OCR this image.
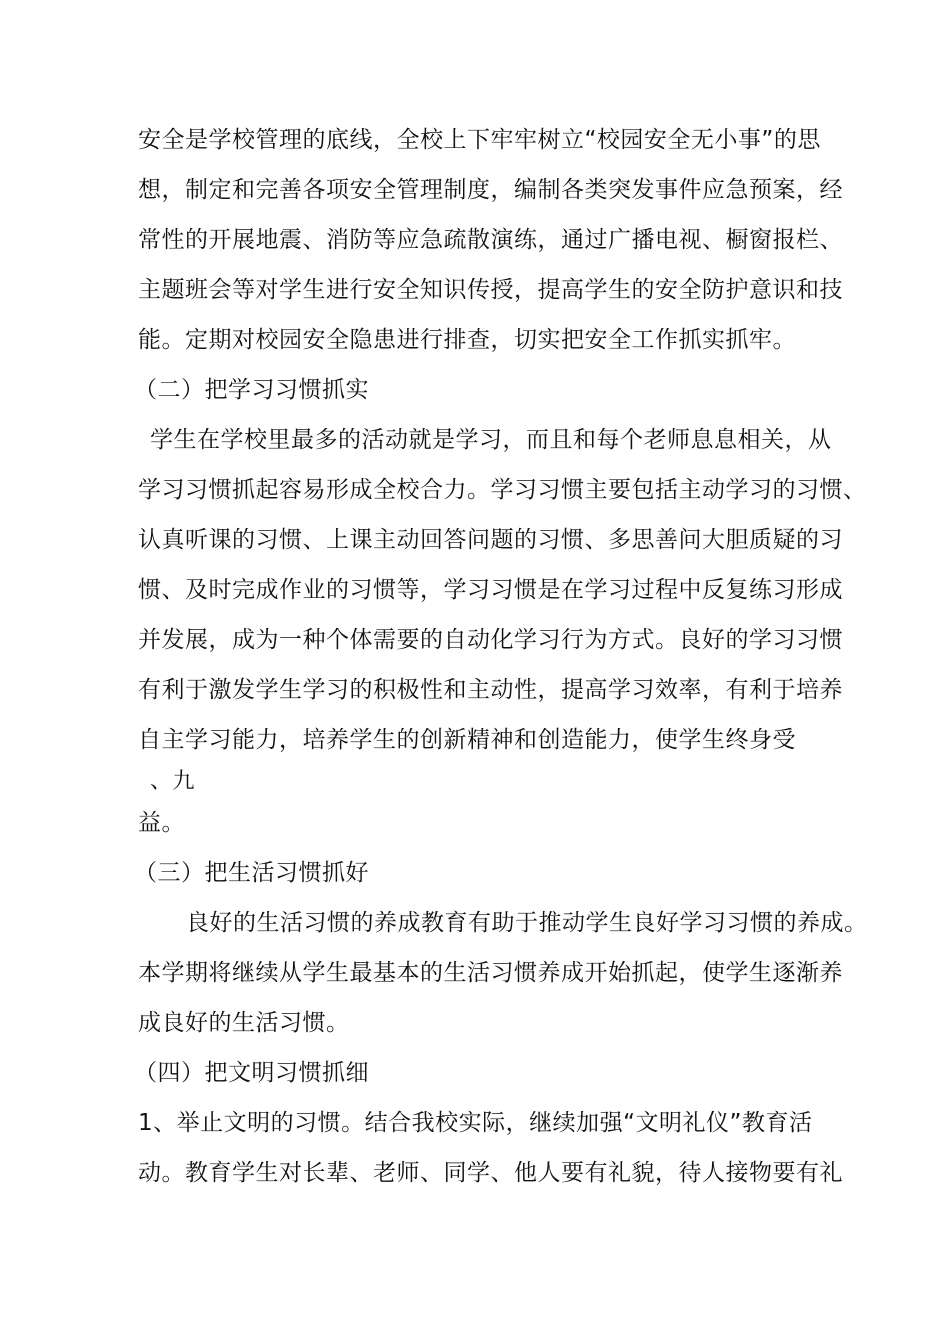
安全是学校管理的底线，全校上下牢牢树立“校园安全无小事”的思
想，制定和完善各项安全管理制度，编制各类突发事件应急预案，经
常性的开展地震、消防等应急疏散演练，通过广播电视、橱窗报栏、
主题班会等对学生进行安全知识传授，提高学生的安全防护意识和技
能。定期对校园安全隐患进行排查，切实把安全工作抓实抓牢。
（二）把学习习惯抓实
学生在学校里最多的活动就是学习，而且和每个老师息息相关，从
学习习惯抓起容易形成全校合力。学习习惯主要包括主动学习的习惯、
认真听课的习惯、上课主动回答问题的习惯、多思善问大胆质疑的习
惯、及时完成作业的习惯等，学习习惯是在学习过程中反复练习形成
并发展，成为一种个体需要的自动化学习行为方式。良好的学习习惯
有利于激发学生学习的积极性和主动性，提高学习效率，有利于培养
自主学习能力，培养学生的创新精神和创造能力，使学生终身受
、九
益。
（三）把生活习惯抓好
良好的生活习惯的养成教育有助于推动学生良好学习习惯的养成。
本学期将继续从学生最基本的生活习惯养成开始抓起，使学生逐渐养
成良好的生活习惯。
（四）把文明习惯抓细
1、举止文明的习惯。结合我校实际，继续加强“文明礼仪”教育活
动。教育学生对长辈、老师、同学、他人要有礼貌，待人接物要有礼
